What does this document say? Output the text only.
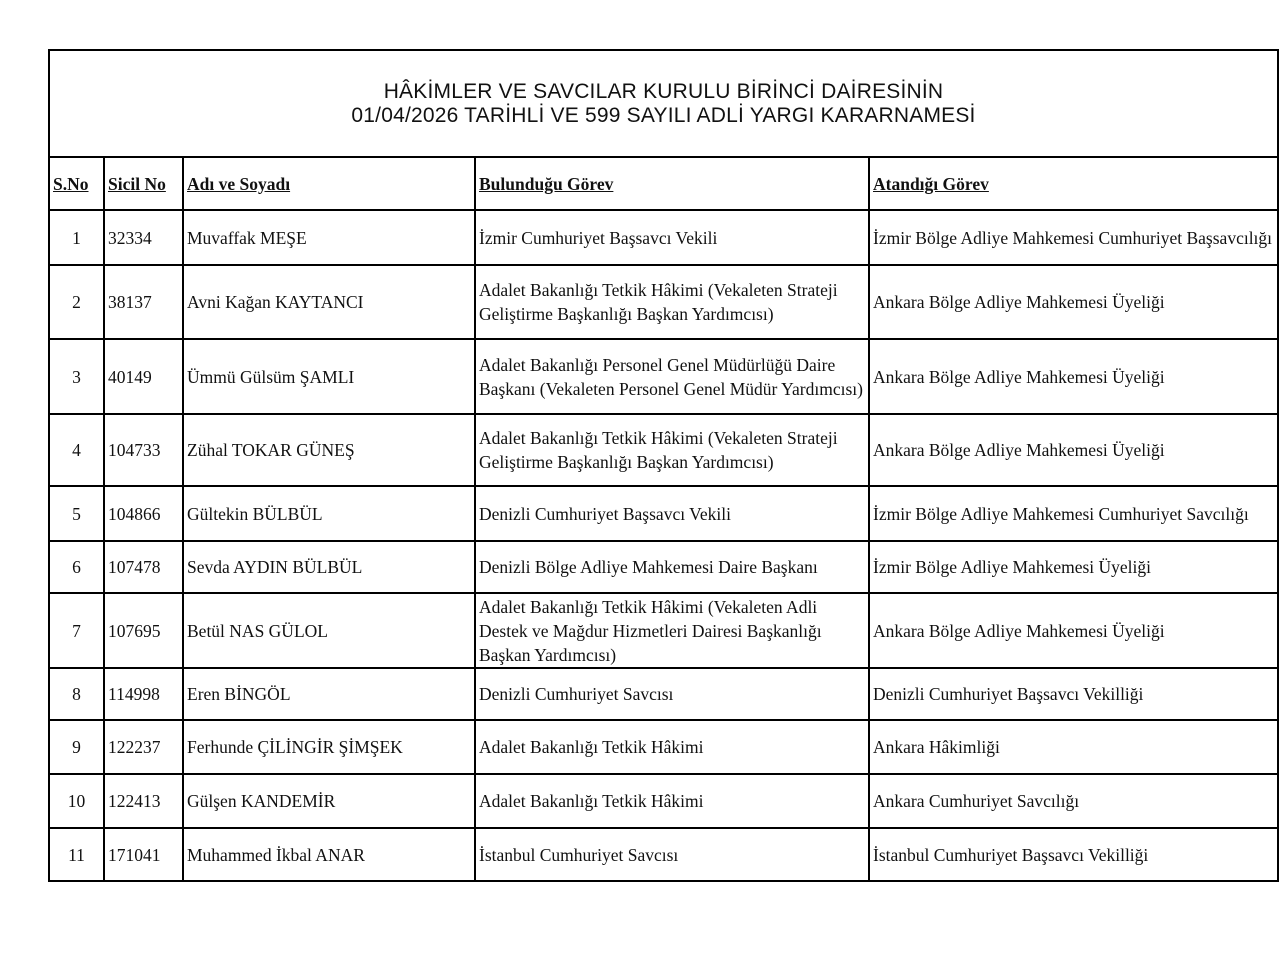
HÂKİMLER VE SAVCILAR KURULU BİRİNCİ DAİRESİNİN
01/04/2026 TARİHLİ VE 599 SAYILI ADLİ YARGI KARARNAMESİ				

S.No	Sicil No	Adı ve Soyadı	Bulunduğu Görev	Atandığı Görev
1	32334	Muvaffak MEŞE	İzmir Cumhuriyet Başsavcı Vekili	İzmir Bölge Adliye Mahkemesi Cumhuriyet Başsavcılığı
2	38137	Avni Kağan KAYTANCI	Adalet Bakanlığı Tetkik Hâkimi (Vekaleten Strateji Geliştirme Başkanlığı Başkan Yardımcısı)	Ankara Bölge Adliye Mahkemesi Üyeliği
3	40149	Ümmü Gülsüm ŞAMLI	Adalet Bakanlığı Personel Genel Müdürlüğü Daire Başkanı (Vekaleten Personel Genel Müdür Yardımcısı)	Ankara Bölge Adliye Mahkemesi Üyeliği
4	104733	Zühal TOKAR GÜNEŞ	Adalet Bakanlığı Tetkik Hâkimi (Vekaleten Strateji Geliştirme Başkanlığı Başkan Yardımcısı)	Ankara Bölge Adliye Mahkemesi Üyeliği
5	104866	Gültekin BÜLBÜL	Denizli Cumhuriyet Başsavcı Vekili	İzmir Bölge Adliye Mahkemesi Cumhuriyet Savcılığı
6	107478	Sevda AYDIN BÜLBÜL	Denizli Bölge Adliye Mahkemesi Daire Başkanı	İzmir Bölge Adliye Mahkemesi Üyeliği
7	107695	Betül NAS GÜLOL	Adalet Bakanlığı Tetkik Hâkimi (Vekaleten Adli Destek ve Mağdur Hizmetleri Dairesi Başkanlığı Başkan Yardımcısı)	Ankara Bölge Adliye Mahkemesi Üyeliği
8	114998	Eren BİNGÖL	Denizli Cumhuriyet Savcısı	Denizli Cumhuriyet Başsavcı Vekilliği
9	122237	Ferhunde ÇİLİNGİR ŞİMŞEK	Adalet Bakanlığı Tetkik Hâkimi	Ankara Hâkimliği
10	122413	Gülşen KANDEMİR	Adalet Bakanlığı Tetkik Hâkimi	Ankara Cumhuriyet Savcılığı
11	171041	Muhammed İkbal ANAR	İstanbul Cumhuriyet Savcısı	İstanbul Cumhuriyet Başsavcı Vekilliği
